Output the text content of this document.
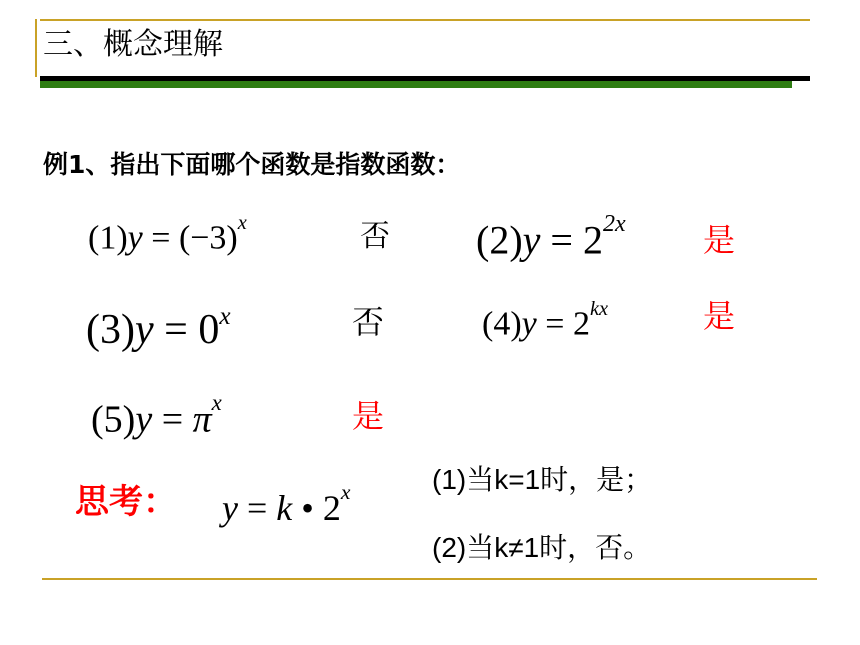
三、概念理解
例1、指出下面哪个函数是指数函数：
$(1)y = (-3)^x$	否 $(2)y = 2^{2x}$ 是
$(3)y = 0^x$	否	$(4)y = 2^{kx}$	是
$(5)y = \pi^x$	是
思考： y = k • 2$^x$	(1)当k=1时，是；
(2)当k≠1时，否。
